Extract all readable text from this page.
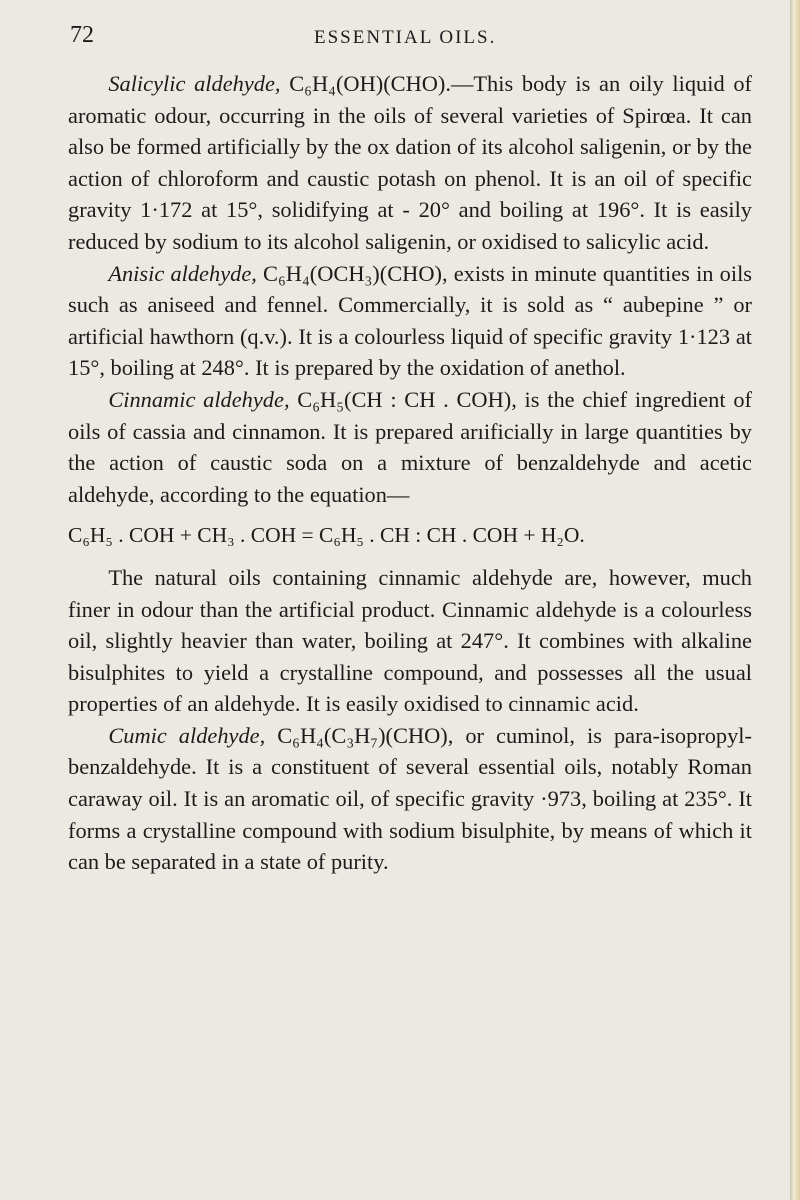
72	ESSENTIAL OILS.

Salicylic aldehyde, C₆H₄(OH)(CHO).—This body is an oily liquid of aromatic odour, occurring in the oils of several varieties of Spirœa. It can also be formed artificially by the ox dation of its alcohol saligenin, or by the action of chloroform and caustic potash on phenol. It is an oil of specific gravity 1·172 at 15°, solidifying at - 20° and boiling at 196°. It is easily reduced by sodium to its alcohol saligenin, or oxidised to salicylic acid.

Anisic aldehyde, C₆H₄(OCH₃)(CHO), exists in minute quantities in oils such as aniseed and fennel. Commercially, it is sold as “ aubepine ” or artificial hawthorn (q.v.). It is a colourless liquid of specific gravity 1·123 at 15°, boiling at 248°. It is prepared by the oxidation of anethol.

Cinnamic aldehyde, C₆H₅(CH : CH . COH), is the chief ingredient of oils of cassia and cinnamon. It is prepared arıificially in large quantities by the action of caustic soda on a mixture of benzaldehyde and acetic aldehyde, according to the equation—

C₆H₅ . COH + CH₃ . COH = C₆H₅ . CH : CH . COH + H₂O.

The natural oils containing cinnamic aldehyde are, however, much finer in odour than the artificial product. Cinnamic aldehyde is a colourless oil, slightly heavier than water, boiling at 247°. It combines with alkaline bisulphites to yield a crystalline compound, and possesses all the usual properties of an aldehyde. It is easily oxidised to cinnamic acid.

Cumic aldehyde, C₆H₄(C₃H₇)(CHO), or cuminol, is para-isopropyl-benzaldehyde. It is a constituent of several essential oils, notably Roman caraway oil. It is an aromatic oil, of specific gravity ·973, boiling at 235°. It forms a crystalline compound with sodium bisulphite, by means of which it can be separated in a state of purity.
